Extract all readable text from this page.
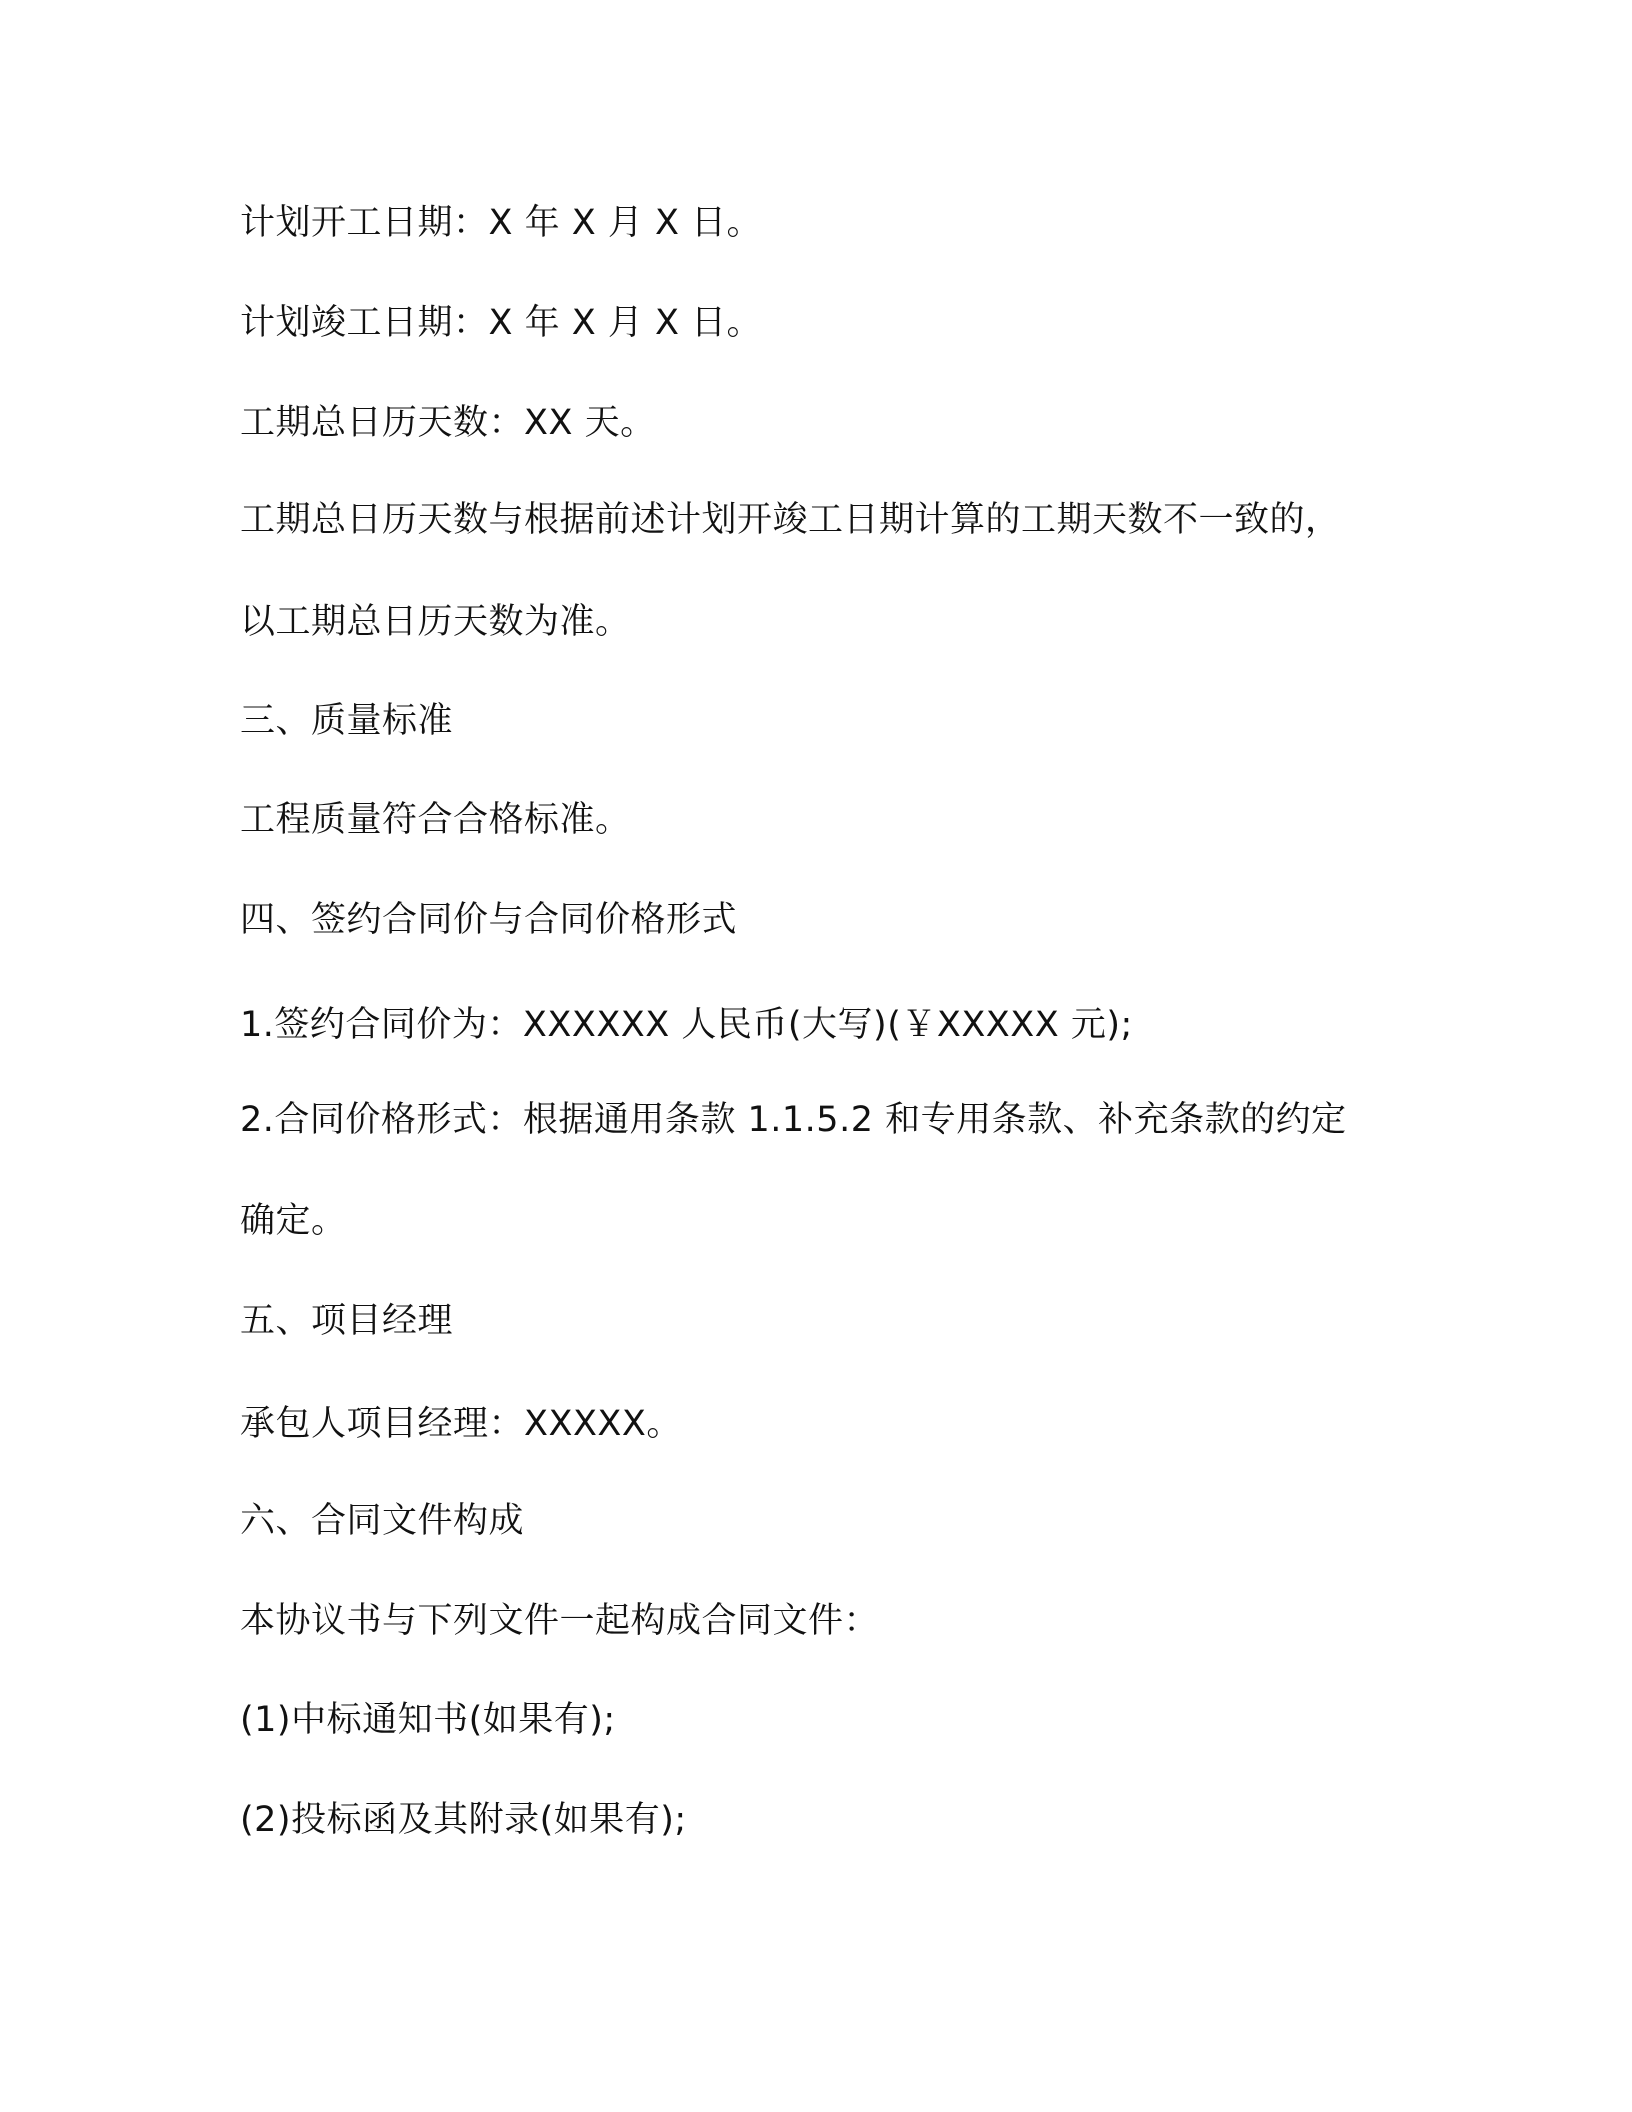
计划开工日期：X 年 X 月 X 日。
计划竣工日期：X 年 X 月 X 日。
工期总日历天数：XX 天。
工期总日历天数与根据前述计划开竣工日期计算的工期天数不一致的，
以工期总日历天数为准。
三、质量标准
工程质量符合合格标准。
四、签约合同价与合同价格形式
1.签约合同价为：XXXXXX 人民币(大写)(￥XXXXX 元);
2.合同价格形式：根据通用条款 1.1.5.2 和专用条款、补充条款的约定
确定。
五、项目经理
承包人项目经理：XXXXX。
六、合同文件构成
本协议书与下列文件一起构成合同文件：
(1)中标通知书(如果有);
(2)投标函及其附录(如果有);
